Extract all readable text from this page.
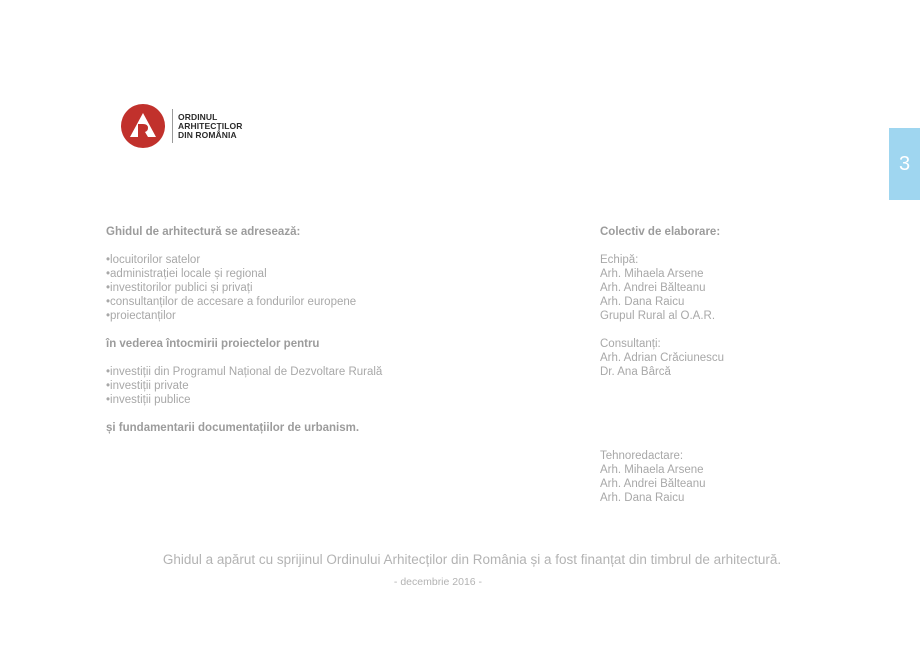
ORDINUL
ARHITECȚILOR
DIN ROMÂNIA
3
Ghidul de arhitectură se adresează:
•locuitorilor satelor
•administrației locale și regional
•investitorilor publici și privați
•consultanților de accesare a fondurilor europene
•proiectanților
în vederea întocmirii proiectelor pentru
•investiții din Programul Național de Dezvoltare Rurală
•investiții private
•investiții publice
și fundamentarii documentațiilor de urbanism.
Colectiv de elaborare:
Echipă:
Arh. Mihaela Arsene
Arh. Andrei Bălteanu
Arh. Dana Raicu
Grupul Rural al O.A.R.
Consultanți:
Arh. Adrian Crăciunescu
Dr. Ana Bârcă
Tehnoredactare:
Arh. Mihaela Arsene
Arh. Andrei Bălteanu
Arh. Dana Raicu
Ghidul a apărut cu sprijinul Ordinului Arhitecților din România și a fost finanțat din timbrul de arhitectură.
- decembrie 2016 -
